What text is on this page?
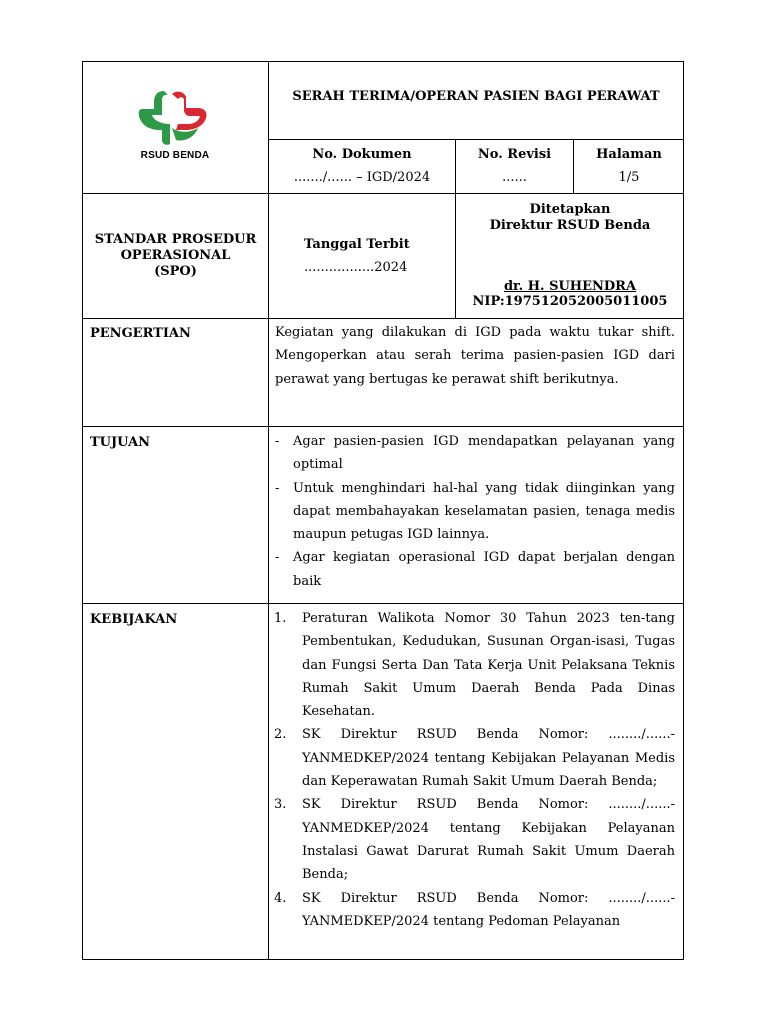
RSUD BENDA
SERAH TERIMA/OPERAN PASIEN BAGI PERAWAT
No. Dokumen
......./...... – IGD/2024
No. Revisi
......
Halaman
1/5
STANDAR PROSEDUR
OPERASIONAL
(SPO)
Tanggal Terbit
.................2024
Ditetapkan
Direktur RSUD Benda
dr. H. SUHENDRA
NIP:197512052005011005
PENGERTIAN	Kegiatan yang dilakukan di IGD pada waktu tukar shift. Mengoperkan atau serah terima pasien-pasien IGD dari perawat yang bertugas ke perawat shift berikutnya.
TUJUAN
-	Agar pasien-pasien IGD mendapatkan pelayanan yang optimal
- Untuk menghindari hal-hal yang tidak diinginkan yang dapat membahayakan keselamatan pasien, tenaga medis maupun petugas IGD lainnya.
- Agar kegiatan operasional IGD dapat berjalan dengan baik
KEBIJAKAN	1. Peraturan Walikota Nomor 30 Tahun 2023 ten-tang Pembentukan, Kedudukan, Susunan Organ-isasi, Tugas dan Fungsi Serta Dan Tata Kerja Unit Pelaksana Teknis Rumah Sakit Umum Daerah Benda Pada Dinas Kesehatan.
2. SK Direktur RSUD Benda Nomor: ......../......-YANMEDKEP/2024 tentang Kebijakan Pelayanan Medis dan Keperawatan Rumah Sakit Umum Daerah Benda;
3. SK Direktur RSUD Benda Nomor: ......../......-YANMEDKEP/2024 tentang Kebijakan Pelayanan Instalasi Gawat Darurat Rumah Sakit Umum Daerah Benda;
4. SK Direktur RSUD Benda Nomor: ......../......-YANMEDKEP/2024 tentang Pedoman Pelayanan
